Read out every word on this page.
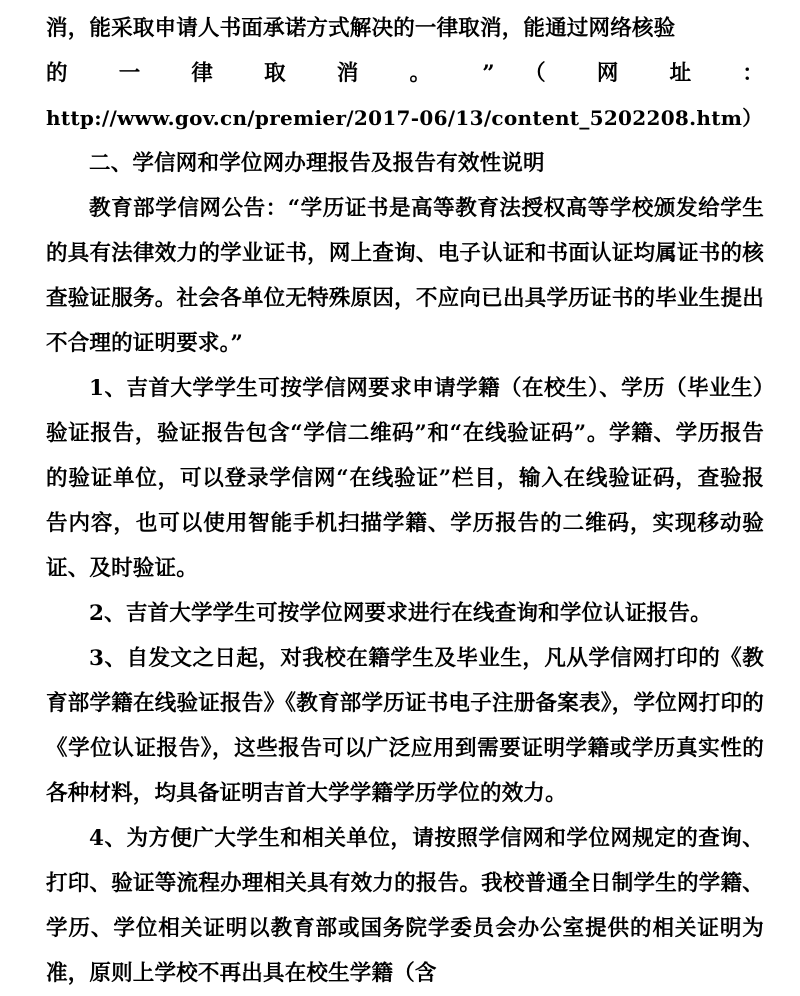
消，能采取申请人书面承诺方式解决的一律取消，能通过网络核验

的 一 律 取 消 。 ” （ 网 址 ：

http://www.gov.cn/premier/2017-06/13/content_5202208.htm）

二、学信网和学位网办理报告及报告有效性说明

教育部学信网公告：“学历证书是高等教育法授权高等学校颁发给学生的具有法律效力的学业证书，网上查询、电子认证和书面认证均属证书的核查验证服务。社会各单位无特殊原因，不应向已出具学历证书的毕业生提出不合理的证明要求。”

1、吉首大学学生可按学信网要求申请学籍（在校生）、学历（毕业生）验证报告，验证报告包含“学信二维码”和“在线验证码”。学籍、学历报告的验证单位，可以登录学信网“在线验证”栏目，输入在线验证码，查验报告内容，也可以使用智能手机扫描学籍、学历报告的二维码，实现移动验证、及时验证。

2、吉首大学学生可按学位网要求进行在线查询和学位认证报告。

3、自发文之日起，对我校在籍学生及毕业生，凡从学信网打印的《教育部学籍在线验证报告》《教育部学历证书电子注册备案表》，学位网打印的《学位认证报告》，这些报告可以广泛应用到需要证明学籍或学历真实性的各种材料，均具备证明吉首大学学籍学历学位的效力。

4、为方便广大学生和相关单位，请按照学信网和学位网规定的查询、打印、验证等流程办理相关具有效力的报告。我校普通全日制学生的学籍、学历、学位相关证明以教育部或国务院学委员会办公室提供的相关证明为准，原则上学校不再出具在校生学籍（含
